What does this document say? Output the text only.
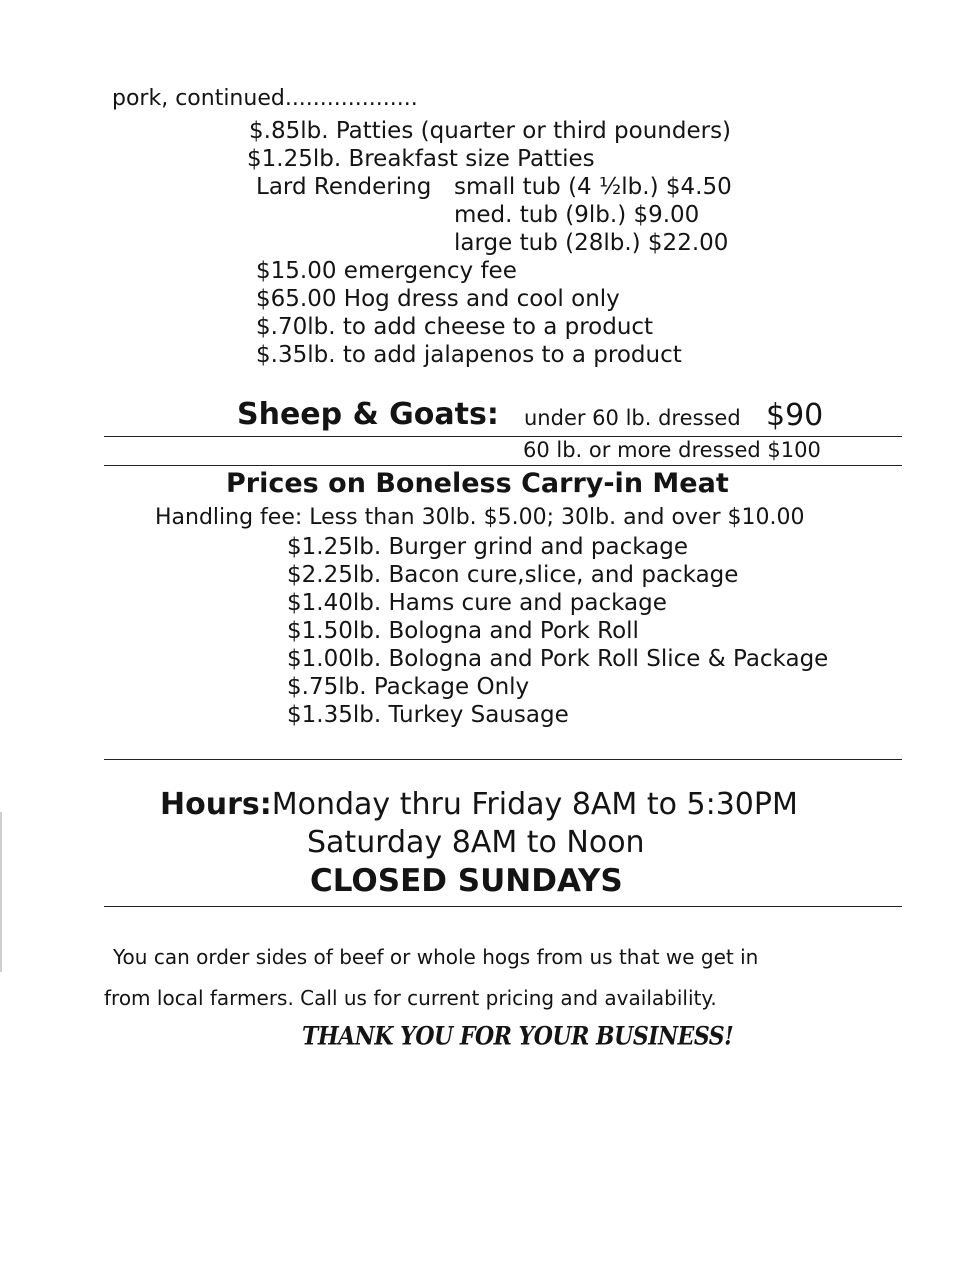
pork, continued...................
$.85lb. Patties (quarter or third pounders)
$1.25lb. Breakfast size Patties
Lard Rendering small tub (4 ½lb.) $4.50
med. tub (9lb.) $9.00
large tub (28lb.) $22.00
$15.00 emergency fee
$65.00 Hog dress and cool only
$.70lb. to add cheese to a product
$.35lb. to add jalapenos to a product
Sheep & Goats: under 60 lb. dressed $90
60 lb. or more dressed $100
Prices on Boneless Carry-in Meat
Handling fee: Less than 30lb. $5.00; 30lb. and over $10.00
$1.25lb. Burger grind and package
$2.25lb. Bacon cure,slice, and package
$1.40lb. Hams cure and package
$1.50lb. Bologna and Pork Roll
$1.00lb. Bologna and Pork Roll Slice & Package
$.75lb. Package Only
$1.35lb. Turkey Sausage
Hours:Monday thru Friday 8AM to 5:30PM
Saturday 8AM to Noon
CLOSED SUNDAYS
You can order sides of beef or whole hogs from us that we get in
from local farmers. Call us for current pricing and availability.
THANK YOU FOR YOUR BUSINESS!
